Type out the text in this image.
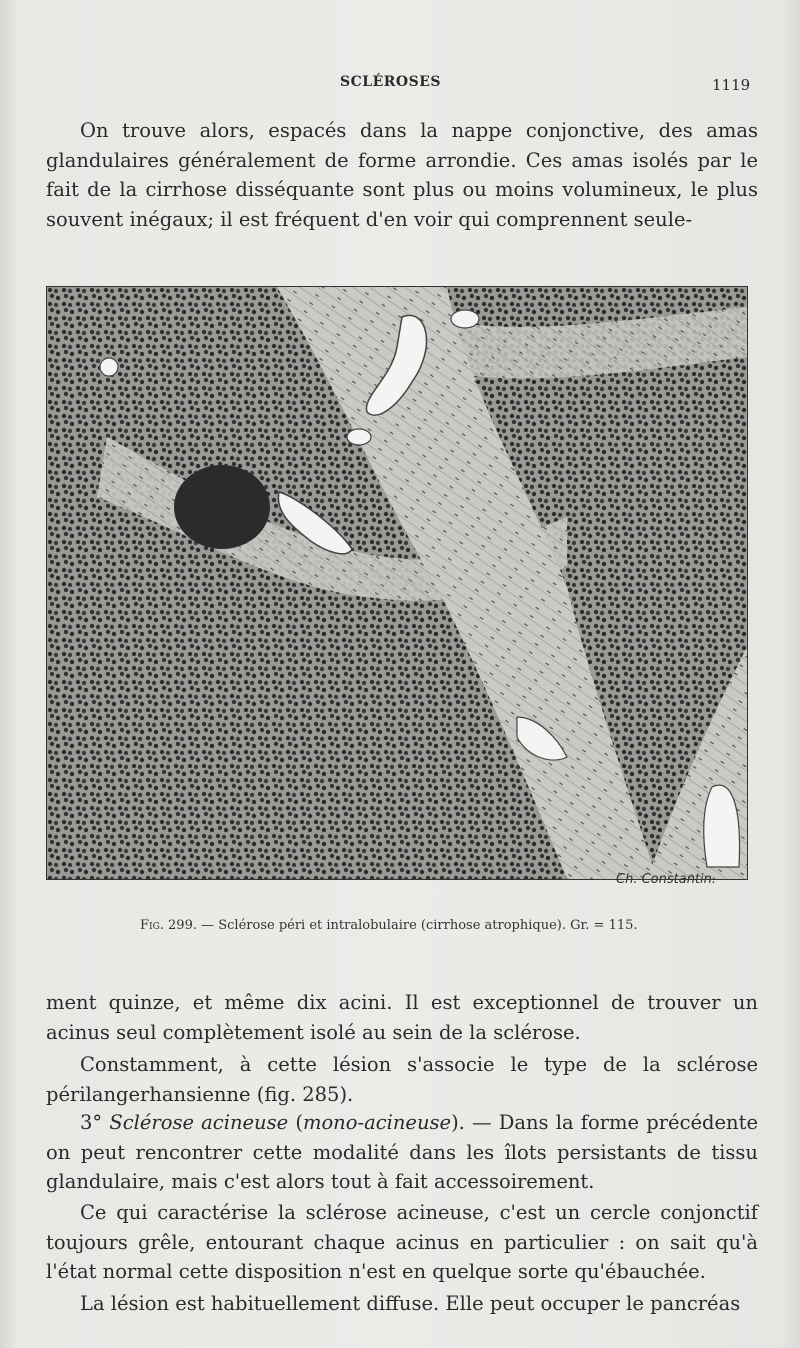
SCLÉROSES	1119

On trouve alors, espacés dans la nappe conjonctive, des amas glandulaires généralement de forme arrondie. Ces amas isolés par le fait de la cirrhose disséquante sont plus ou moins volumineux, le plus souvent inégaux; il est fréquent d'en voir qui comprennent seule-

Ch. Constantin.
Fig. 299. — Sclérose péri et intralobulaire (cirrhose atrophique). Gr. = 115.

ment quinze, et même dix acini. Il est exceptionnel de trouver un acinus seul complètement isolé au sein de la sclérose.

Constamment, à cette lésion s'associe le type de la sclérose périlangerhansienne (fig. 285).

3° Sclérose acineuse (mono-acineuse). — Dans la forme précédente on peut rencontrer cette modalité dans les îlots persistants de tissu glandulaire, mais c'est alors tout à fait accessoirement.

Ce qui caractérise la sclérose acineuse, c'est un cercle conjonctif toujours grêle, entourant chaque acinus en particulier : on sait qu'à l'état normal cette disposition n'est en quelque sorte qu'ébauchée.

La lésion est habituellement diffuse. Elle peut occuper le pancréas
